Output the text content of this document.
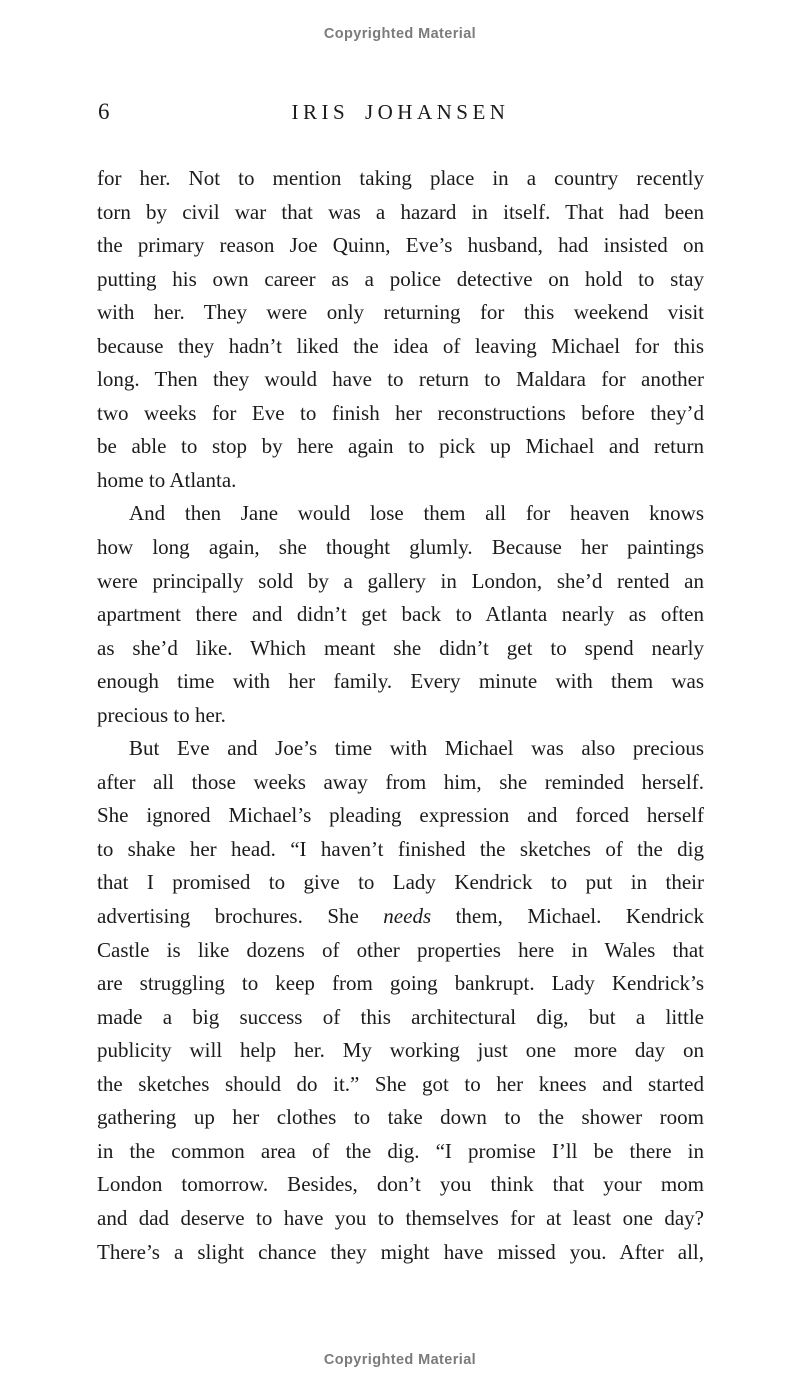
Copyrighted Material
6	IRIS JOHANSEN
for her. Not to mention taking place in a country recently
torn by civil war that was a hazard in itself. That had been
the primary reason Joe Quinn, Eve’s husband, had insisted on
putting his own career as a police detective on hold to stay
with her. They were only returning for this weekend visit
because they hadn’t liked the idea of leaving Michael for this
long. Then they would have to return to Maldara for another
two weeks for Eve to finish her reconstructions before they’d
be able to stop by here again to pick up Michael and return
home to Atlanta.
And then Jane would lose them all for heaven knows
how long again, she thought glumly. Because her paintings
were principally sold by a gallery in London, she’d rented an
apartment there and didn’t get back to Atlanta nearly as often
as she’d like. Which meant she didn’t get to spend nearly
enough time with her family. Every minute with them was
precious to her.
But Eve and Joe’s time with Michael was also precious
after all those weeks away from him, she reminded herself.
She ignored Michael’s pleading expression and forced herself
to shake her head. “I haven’t finished the sketches of the dig
that I promised to give to Lady Kendrick to put in their
advertising brochures. She needs them, Michael. Kendrick
Castle is like dozens of other properties here in Wales that
are struggling to keep from going bankrupt. Lady Kendrick’s
made a big success of this architectural dig, but a little
publicity will help her. My working just one more day on
the sketches should do it.” She got to her knees and started
gathering up her clothes to take down to the shower room
in the common area of the dig. “I promise I’ll be there in
London tomorrow. Besides, don’t you think that your mom
and dad deserve to have you to themselves for at least one day?
There’s a slight chance they might have missed you. After all,
Copyrighted Material
